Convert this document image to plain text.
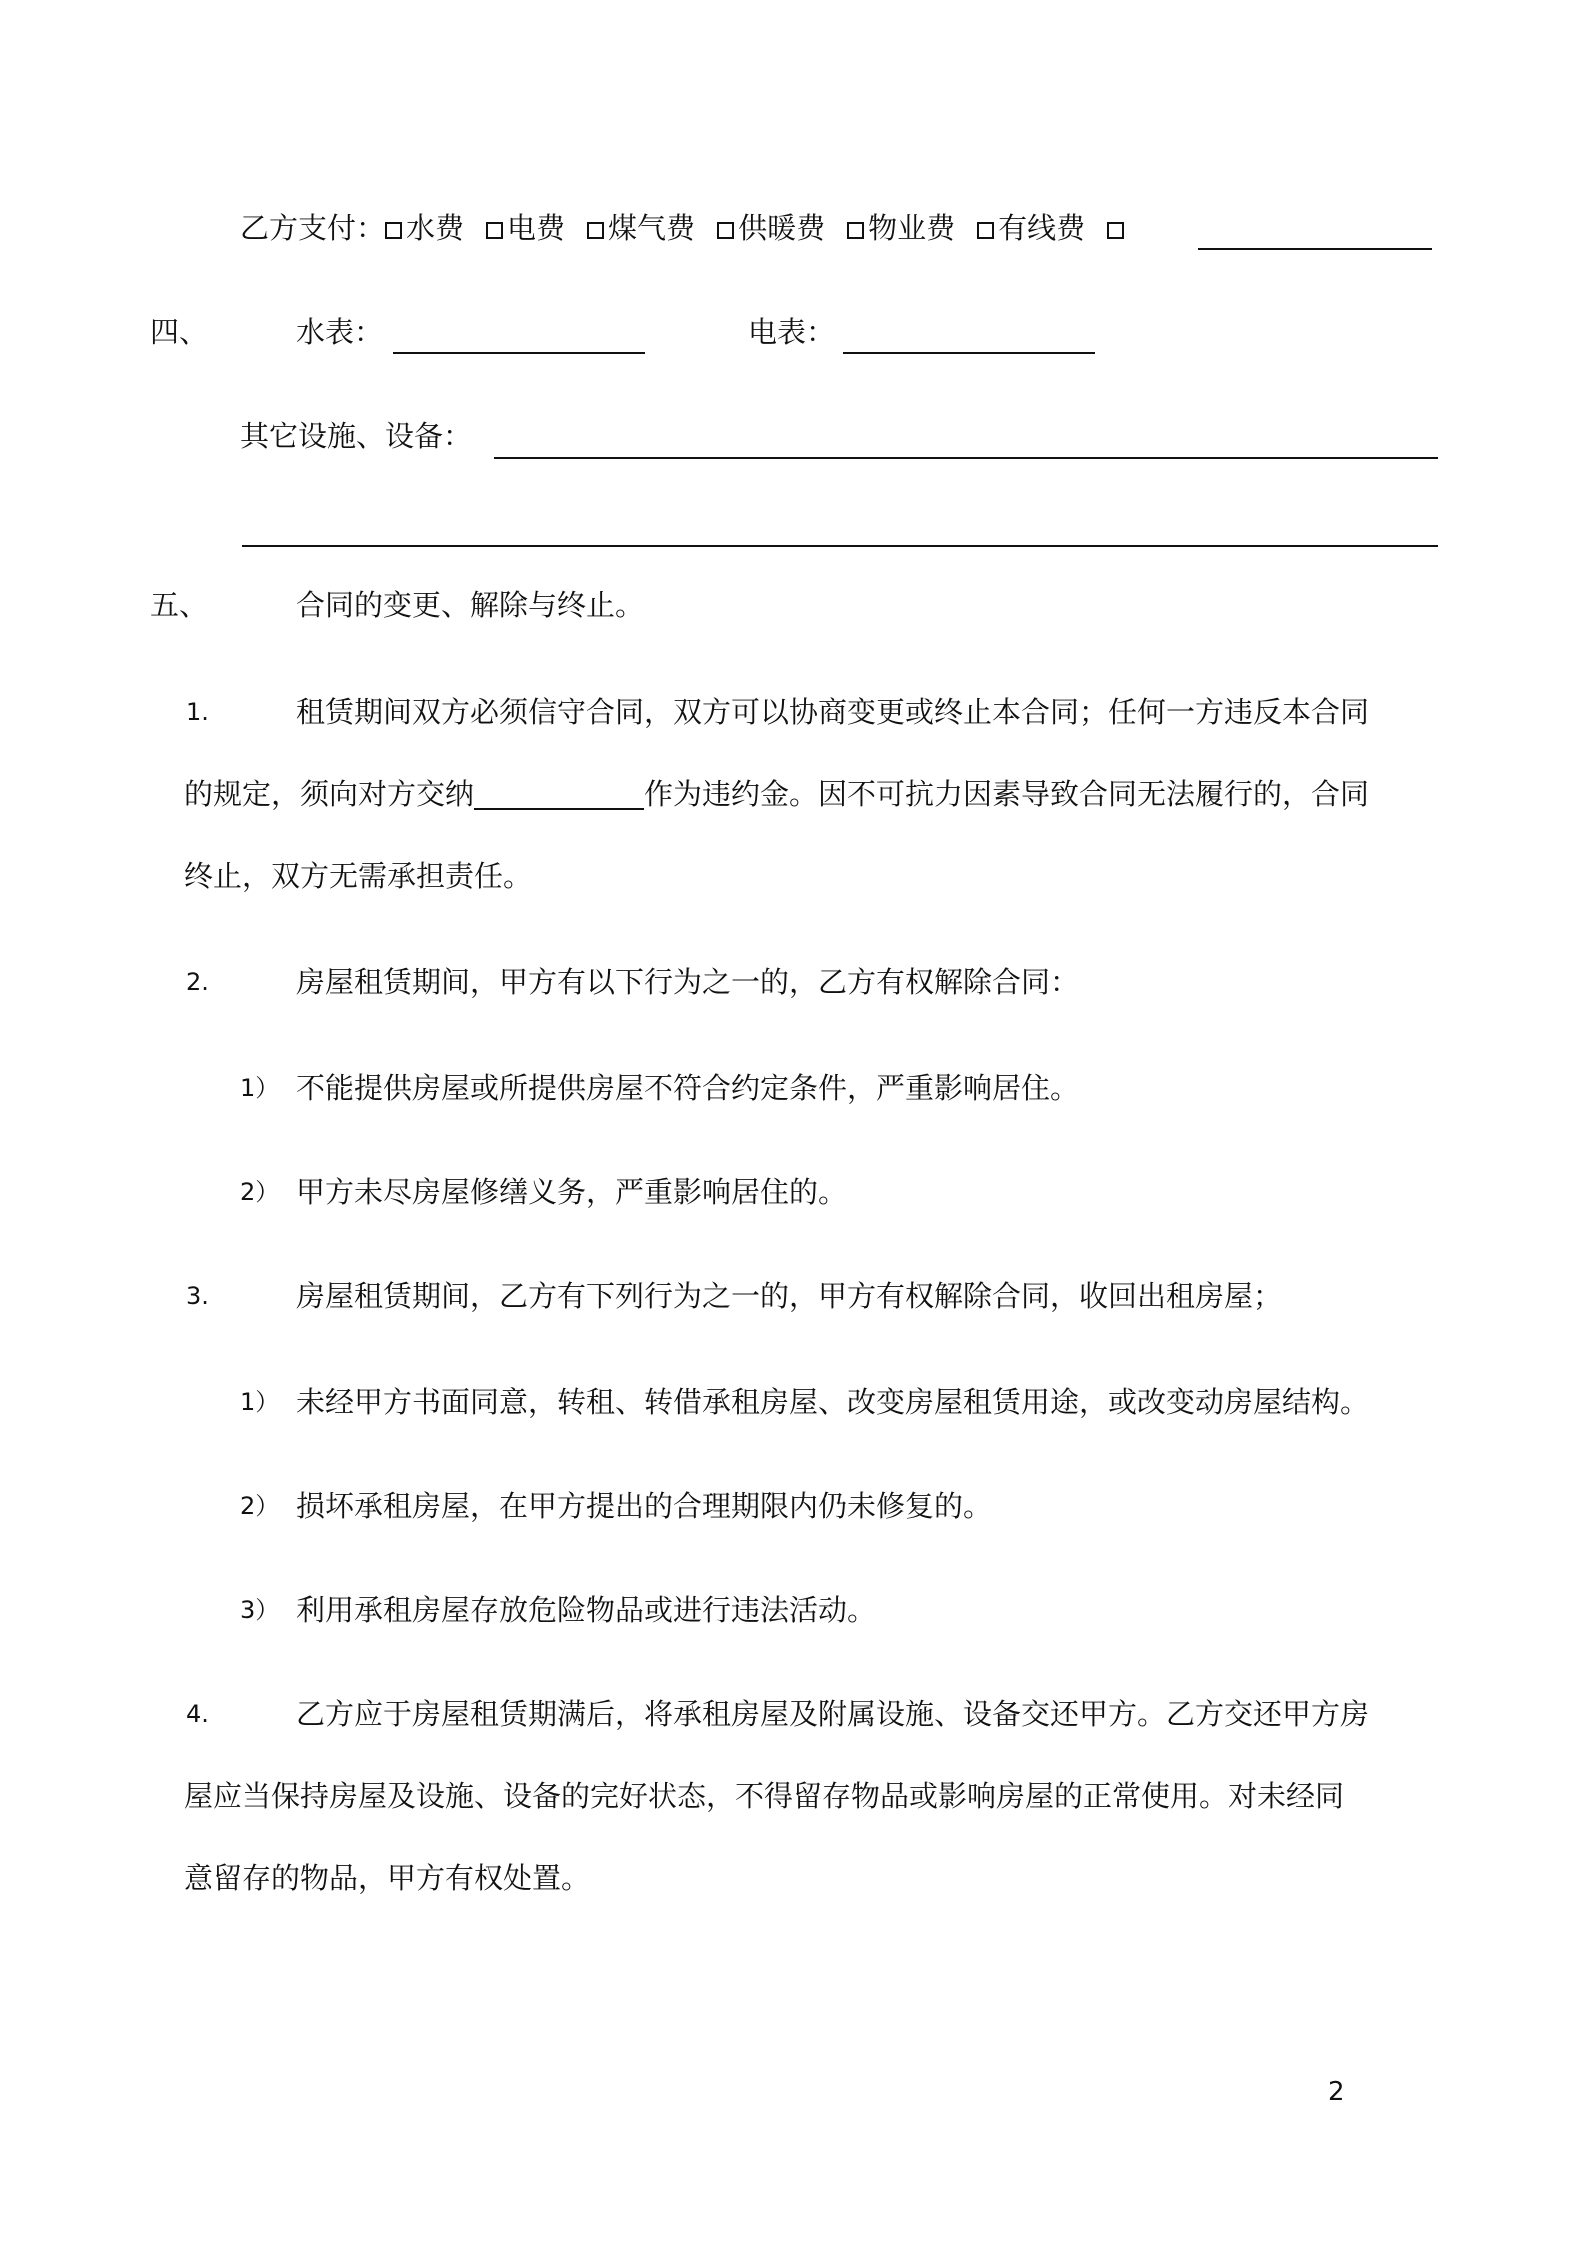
乙方支付： 水费 电费 煤气费 供暖费 物业费 有线费
四、	水表：	电表：
其它设施、设备：
五、	合同的变更、解除与终止。
1.	租赁期间双方必须信守合同，双方可以协商变更或终止本合同；任何一方违反本合同
的规定，须向对方交纳	作为违约金。因不可抗力因素导致合同无法履行的，合同
终止，双方无需承担责任。
2.	房屋租赁期间，甲方有以下行为之一的，乙方有权解除合同：
1） 不能提供房屋或所提供房屋不符合约定条件，严重影响居住。
2） 甲方未尽房屋修缮义务，严重影响居住的。
3.	房屋租赁期间，乙方有下列行为之一的，甲方有权解除合同，收回出租房屋；
1） 未经甲方书面同意，转租、转借承租房屋、改变房屋租赁用途，或改变动房屋结构。
2） 损坏承租房屋，在甲方提出的合理期限内仍未修复的。
3） 利用承租房屋存放危险物品或进行违法活动。
4.	乙方应于房屋租赁期满后，将承租房屋及附属设施、设备交还甲方。乙方交还甲方房
屋应当保持房屋及设施、设备的完好状态，不得留存物品或影响房屋的正常使用。对未经同
意留存的物品，甲方有权处置。
2
